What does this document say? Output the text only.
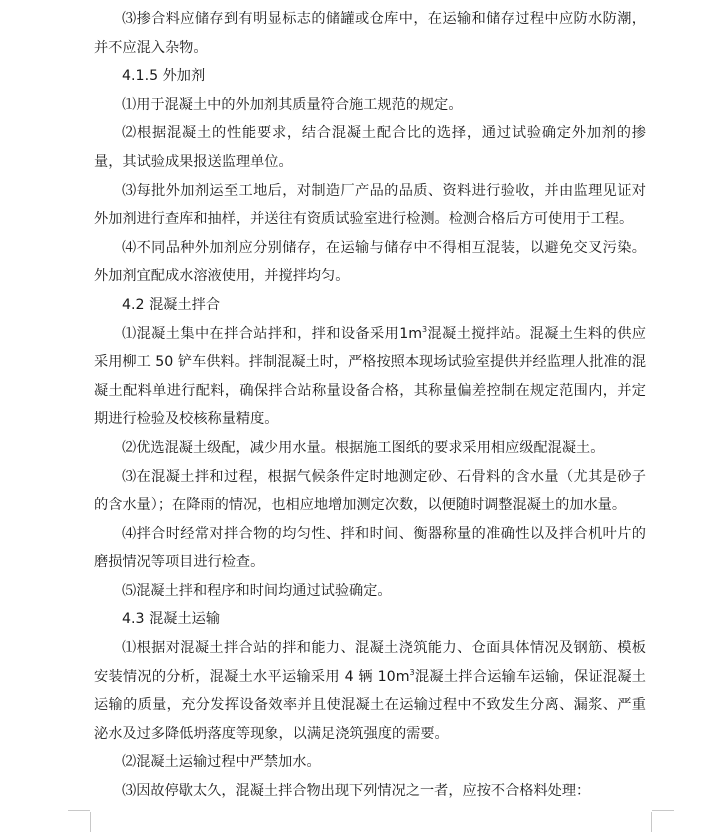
⑶掺合料应储存到有明显标志的储罐或仓库中，在运输和储存过程中应防水防潮，并不应混入杂物。

4.1.5 外加剂

⑴用于混凝土中的外加剂其质量符合施工规范的规定。

⑵根据混凝土的性能要求，结合混凝土配合比的选择，通过试验确定外加剂的掺量，其试验成果报送监理单位。

⑶每批外加剂运至工地后，对制造厂产品的品质、资料进行验收，并由监理见证对外加剂进行查库和抽样，并送往有资质试验室进行检测。检测合格后方可使用于工程。

⑷不同品种外加剂应分别储存，在运输与储存中不得相互混装，以避免交叉污染。外加剂宜配成水溶液使用，并搅拌均匀。

4.2 混凝土拌合

⑴混凝土集中在拌合站拌和，拌和设备采用$1m^3$混凝土搅拌站。混凝土生料的供应采用柳工 50 铲车供料。拌制混凝土时，严格按照本现场试验室提供并经监理人批准的混凝土配料单进行配料，确保拌合站称量设备合格，其称量偏差控制在规定范围内，并定期进行检验及校核称量精度。

⑵优选混凝土级配，减少用水量。根据施工图纸的要求采用相应级配混凝土。

⑶在混凝土拌和过程，根据气候条件定时地测定砂、石骨料的含水量（尤其是砂子的含水量）；在降雨的情况，也相应地增加测定次数，以便随时调整混凝土的加水量。

⑷拌合时经常对拌合物的均匀性、拌和时间、衡器称量的准确性以及拌合机叶片的磨损情况等项目进行检查。

⑸混凝土拌和程序和时间均通过试验确定。

4.3 混凝土运输

⑴根据对混凝土拌合站的拌和能力、混凝土浇筑能力、仓面具体情况及钢筋、模板安装情况的分析，混凝土水平运输采用 4 辆 $10m^3$混凝土拌合运输车运输，保证混凝土运输的质量，充分发挥设备效率并且使混凝土在运输过程中不致发生分离、漏浆、严重泌水及过多降低坍落度等现象，以满足浇筑强度的需要。

⑵混凝土运输过程中严禁加水。

⑶因故停歇太久，混凝土拌合物出现下列情况之一者，应按不合格料处理：
